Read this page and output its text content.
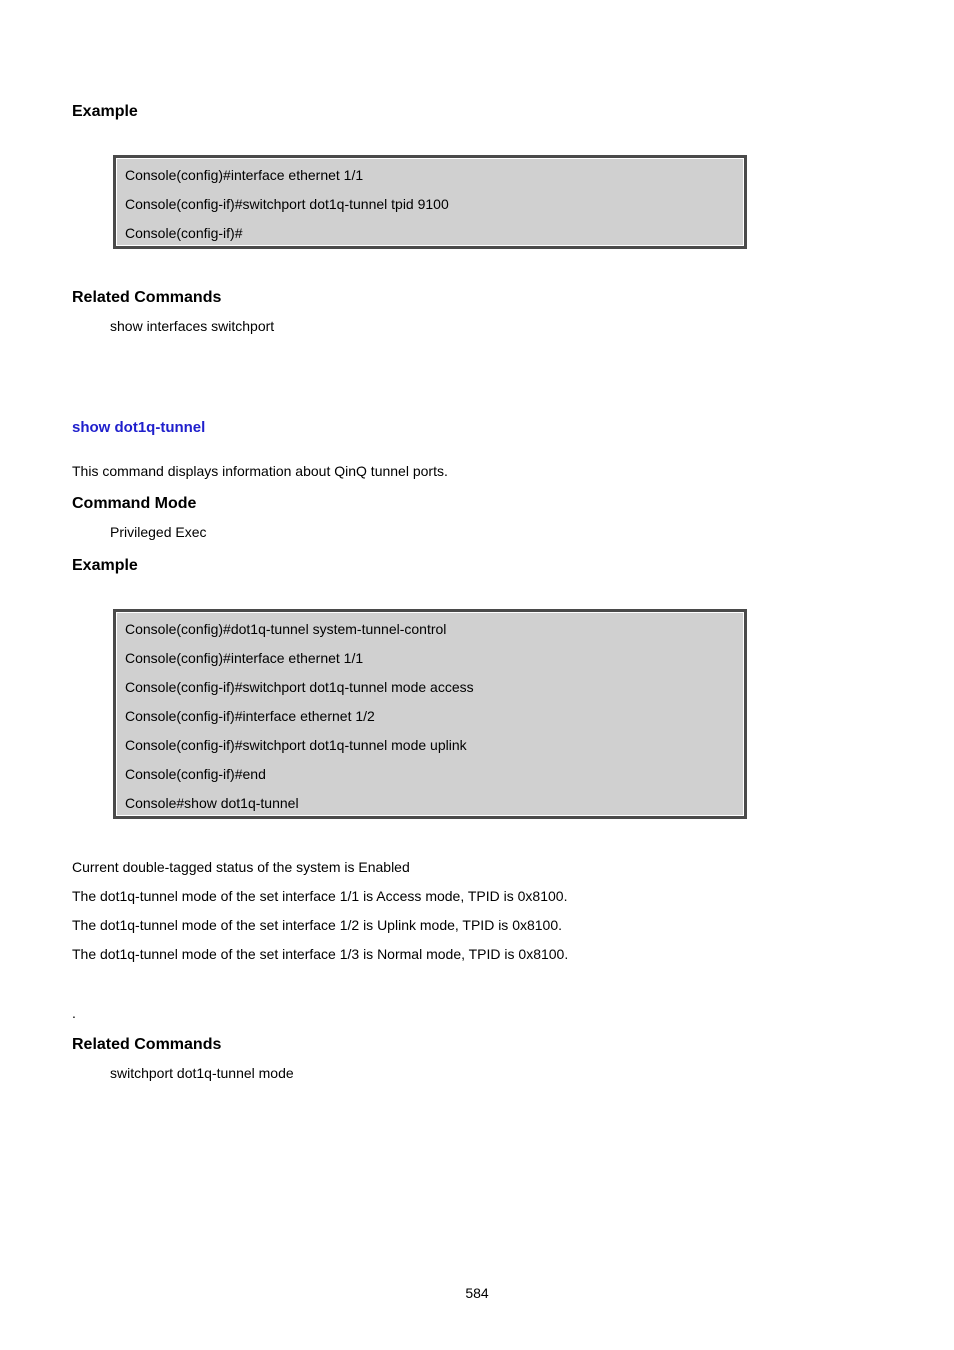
Example

Console(config)#interface ethernet 1/1
Console(config-if)#switchport dot1q-tunnel tpid 9100
Console(config-if)#

Related Commands

show interfaces switchport

show dot1q-tunnel

This command displays information about QinQ tunnel ports.

Command Mode

Privileged Exec

Example

Console(config)#dot1q-tunnel system-tunnel-control
Console(config)#interface ethernet 1/1
Console(config-if)#switchport dot1q-tunnel mode access
Console(config-if)#interface ethernet 1/2
Console(config-if)#switchport dot1q-tunnel mode uplink
Console(config-if)#end
Console#show dot1q-tunnel
Current double-tagged status of the system is Enabled
The dot1q-tunnel mode of the set interface 1/1 is Access mode, TPID is 0x8100.
The dot1q-tunnel mode of the set interface 1/2 is Uplink mode, TPID is 0x8100.
The dot1q-tunnel mode of the set interface 1/3 is Normal mode, TPID is 0x8100.
.

Related Commands

switchport dot1q-tunnel mode

584
